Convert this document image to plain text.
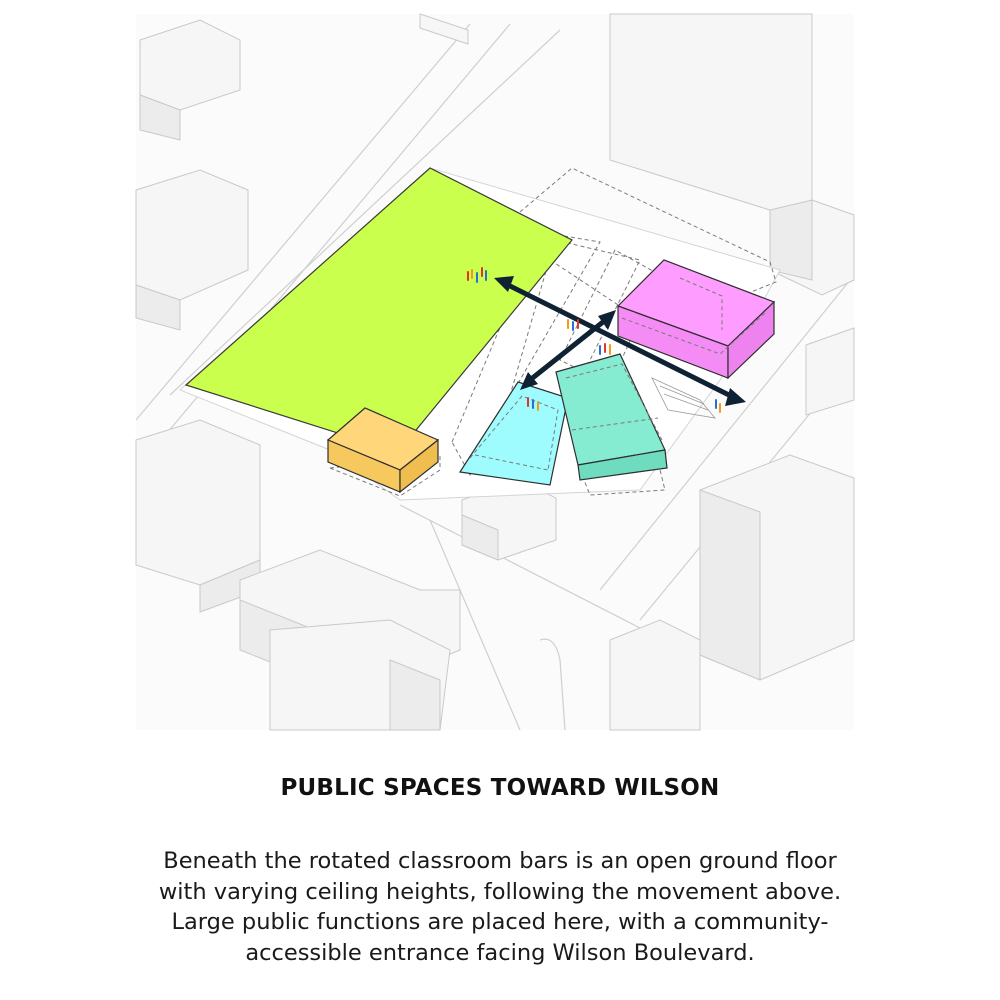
PUBLIC SPACES TOWARD WILSON
Beneath the rotated classroom bars is an open ground floor
with varying ceiling heights, following the movement above.
Large public functions are placed here, with a community-
accessible entrance facing Wilson Boulevard.
